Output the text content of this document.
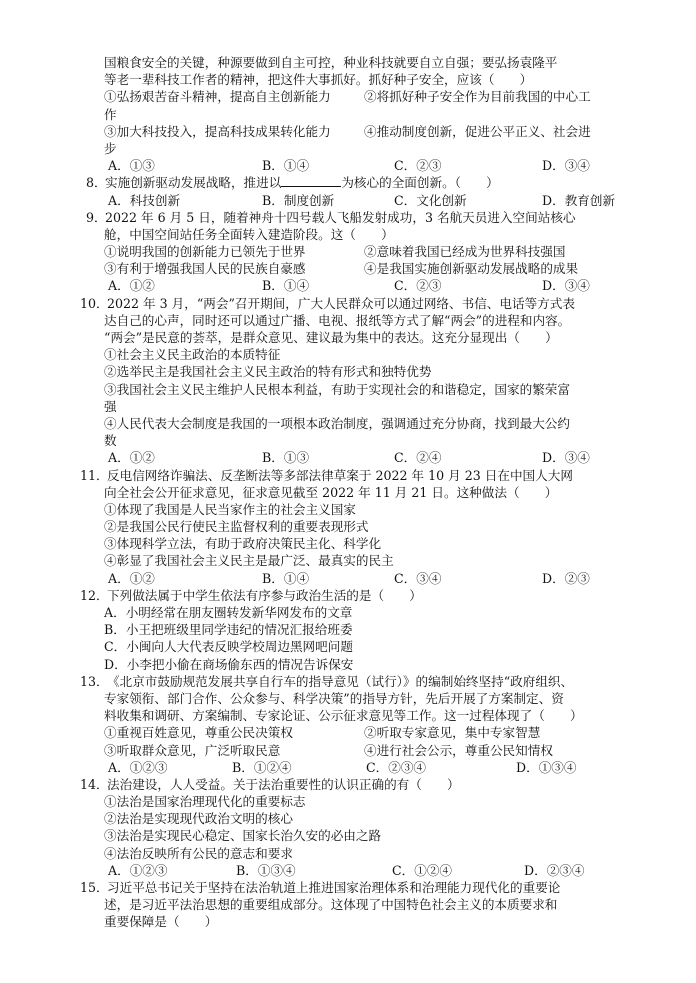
国粮食安全的关键，种源要做到自主可控，种业科技就要自立自强；要弘扬袁隆平
等老一辈科技工作者的精神，把这件大事抓好。抓好种子安全，应该（　　）
①弘扬艰苦奋斗精神，提高自主创新能力	②将抓好种子安全作为目前我国的中心工
作
③加大科技投入，提高科技成果转化能力	④推动制度创新，促进公平正义、社会进
步
A．①③	B．①④	C．②③	D．③④
8．实施创新驱动发展战略，推进以	为核心的全面创新。（　　）
A．科技创新	B．制度创新	C．文化创新	D．教育创新
9．2022 年 6 月 5 日，随着神舟十四号载人飞船发射成功，3 名航天员进入空间站核心
舱，中国空间站任务全面转入建造阶段。这（　　）
①说明我国的创新能力已领先于世界	②意味着我国已经成为世界科技强国
③有利于增强我国人民的民族自豪感	④是我国实施创新驱动发展战略的成果
A．①②	B．①④	C．②③	D．③④
10．2022 年 3 月，“两会”召开期间，广大人民群众可以通过网络、书信、电话等方式表
达自己的心声，同时还可以通过广播、电视、报纸等方式了解“两会”的进程和内容。
“两会”是民意的荟萃，是群众意见、建议最为集中的表达。这充分显现出（　　）
①社会主义民主政治的本质特征
②选举民主是我国社会主义民主政治的特有形式和独特优势
③我国社会主义民主维护人民根本利益，有助于实现社会的和谐稳定，国家的繁荣富
强
④人民代表大会制度是我国的一项根本政治制度，强调通过充分协商，找到最大公约
数
A．①②	B．①③	C．②④	D．③④
11．反电信网络诈骗法、反垄断法等多部法律草案于 2022 年 10 月 23 日在中国人大网
向全社会公开征求意见，征求意见截至 2022 年 11 月 21 日。这种做法（　　）
①体现了我国是人民当家作主的社会主义国家
②是我国公民行使民主监督权利的重要表现形式
③体现科学立法，有助于政府决策民主化、科学化
④彰显了我国社会主义民主是最广泛、最真实的民主
A．①②	B．①④	C．③④	D．②③
12．下列做法属于中学生依法有序参与政治生活的是（　　）
A．小明经常在朋友圈转发新华网发布的文章
B．小王把班级里同学违纪的情况汇报给班委
C．小闽向人大代表反映学校周边黑网吧问题
D．小李把小偷在商场偷东西的情况告诉保安
13．《北京市鼓励规范发展共享自行车的指导意见（试行）》的编制始终坚持“政府组织、
专家领衔、部门合作、公众参与、科学决策”的指导方针，先后开展了方案制定、资
料收集和调研、方案编制、专家论证、公示征求意见等工作。这一过程体现了（　　）
①重视百姓意见，尊重公民决策权	②听取专家意见，集中专家智慧
③听取群众意见，广泛听取民意	④进行社会公示，尊重公民知情权
A．①②③	B．①②④	C．②③④	D．①③④
14．法治建设，人人受益。关于法治重要性的认识正确的有（　　）
①法治是国家治理现代化的重要标志
②法治是实现现代政治文明的核心
③法治是实现民心稳定、国家长治久安的必由之路
④法治反映所有公民的意志和要求
A．①②③	B．①③④	C．①②④	D．②③④
15．习近平总书记关于坚持在法治轨道上推进国家治理体系和治理能力现代化的重要论
述，是习近平法治思想的重要组成部分。这体现了中国特色社会主义的本质要求和
重要保障是（　　）
